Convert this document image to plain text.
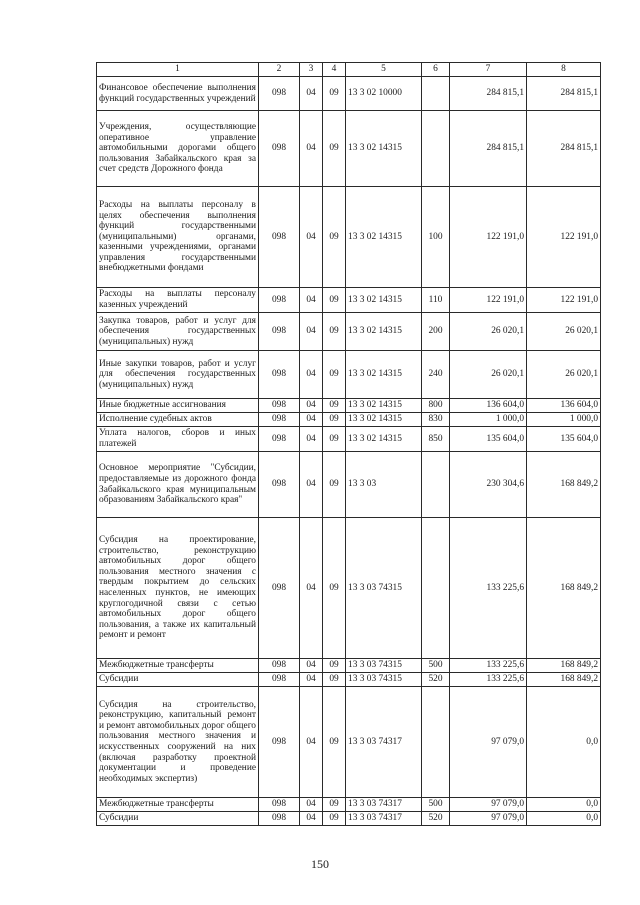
1	2	3	4	5	6	7	8
Финансовое обеспечение выполнения функций государственных учреждений	098	04	09	13 3 02 10000		284 815,1	284 815,1
Учреждения, осуществляющие оперативное управление автомобильными дорогами общего пользования Забайкальского края за счет средств Дорожного фонда	098	04	09	13 3 02 14315		284 815,1	284 815,1
Расходы на выплаты персоналу в целях обеспечения выполнения функций государственными (муниципальными) органами, казенными учреждениями, органами управления государственными внебюджетными фондами	098	04	09	13 3 02 14315	100	122 191,0	122 191,0
Расходы на выплаты персоналу казенных учреждений	098	04	09	13 3 02 14315	110	122 191,0	122 191,0
Закупка товаров, работ и услуг для обеспечения государственных (муниципальных) нужд	098	04	09	13 3 02 14315	200	26 020,1	26 020,1
Иные закупки товаров, работ и услуг для обеспечения государственных (муниципальных) нужд	098	04	09	13 3 02 14315	240	26 020,1	26 020,1
Иные бюджетные ассигнования	098	04	09	13 3 02 14315	800	136 604,0	136 604,0
Исполнение судебных актов	098	04	09	13 3 02 14315	830	1 000,0	1 000,0
Уплата налогов, сборов и иных платежей	098	04	09	13 3 02 14315	850	135 604,0	135 604,0
Основное мероприятие "Субсидии, предоставляемые из дорожного фонда Забайкальского края муниципальным образованиям Забайкальского края"	098	04	09	13 3 03		230 304,6	168 849,2
Субсидия на проектирование, строительство, реконструкцию автомобильных дорог общего пользования местного значения с твердым покрытием до сельских населенных пунктов, не имеющих круглогодичной связи с сетью автомобильных дорог общего пользования, а также их капитальный ремонт и ремонт	098	04	09	13 3 03 74315		133 225,6	168 849,2
Межбюджетные трансферты	098	04	09	13 3 03 74315	500	133 225,6	168 849,2
Субсидии	098	04	09	13 3 03 74315	520	133 225,6	168 849,2
Субсидия на строительство, реконструкцию, капитальный ремонт и ремонт автомобильных дорог общего пользования местного значения и искусственных сооружений на них (включая разработку проектной документации и проведение необходимых экспертиз)	098	04	09	13 3 03 74317		97 079,0	0,0
Межбюджетные трансферты	098	04	09	13 3 03 74317	500	97 079,0	0,0
Субсидии	098	04	09	13 3 03 74317	520	97 079,0	0,0
150
